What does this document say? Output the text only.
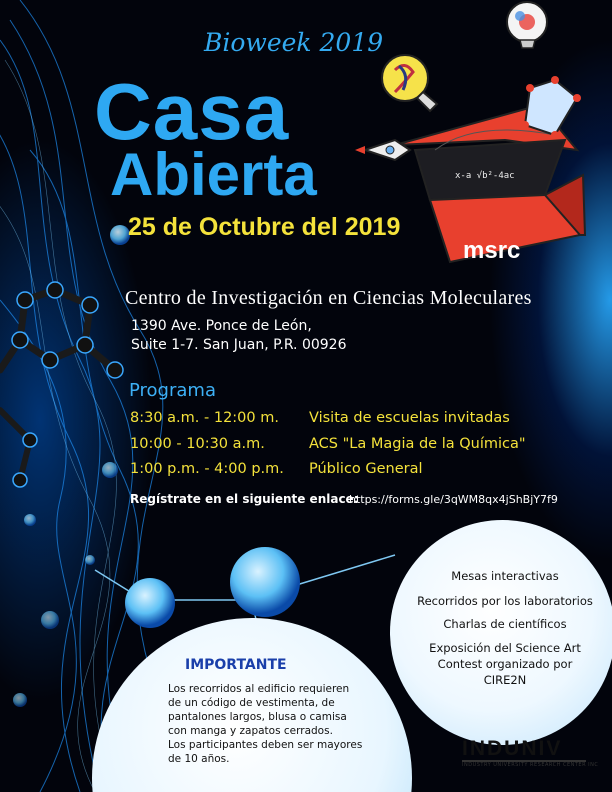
x-a √b²-4ac
msrc
Bioweek 2019
Casa
Abierta
25 de Octubre del 2019
Centro de Investigación en Ciencias Moleculares
1390 Ave. Ponce de León,
Suite 1-7. San Juan, P.R. 00926
Programa
8:30 a.m. - 12:00 m. Visita de escuelas invitadas
10:00 - 10:30 a.m.	ACS "La Magia de la Química"
1:00 p.m. - 4:00 p.m. Público General
Regístrate en el siguiente enlace:
https://forms.gle/3qWM8qx4jShBjY7f9
Mesas interactivas
Recorridos por los laboratorios
Charlas de científicos
Exposición del Science Art
Contest organizado por
CIRE2N
IMPORTANTE
Los recorridos al edificio requieren
de un código de vestimenta, de
pantalones largos, blusa o camisa
con manga y zapatos cerrados.
Los participantes deben ser mayores
de 10 años.	INDUNIV
INDUSTRY UNIVERSITY RESEARCH CENTER INC
